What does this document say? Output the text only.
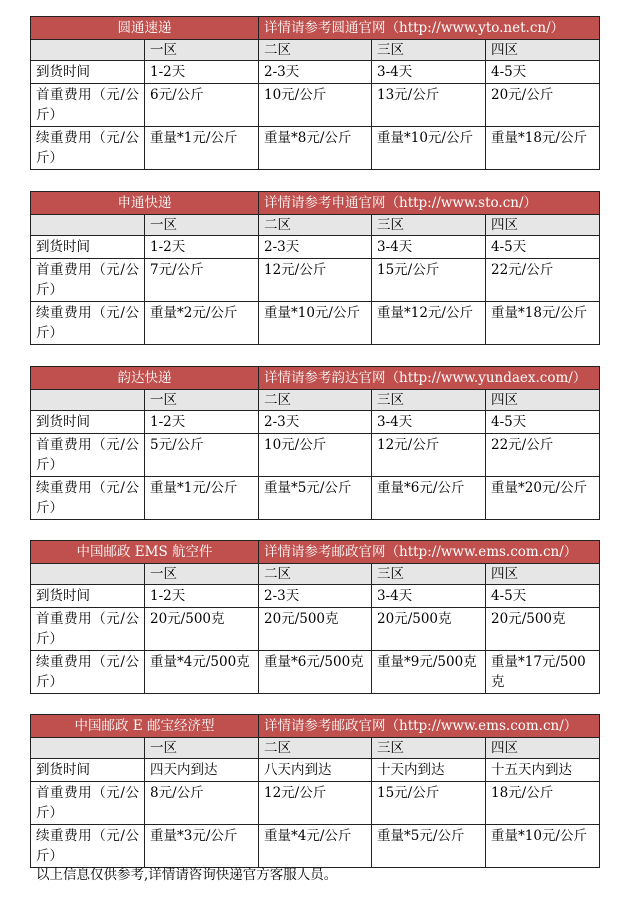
圆通速递		详情请参考圆通官网（http://www.yto.net.cn/）		
	一区	二区	三区	四区
到货时间	1-2天	2-3天	3-4天	4-5天
首重费用（元/公斤）	6元/公斤	10元/公斤	13元/公斤	20元/公斤
续重费用（元/公斤）	重量*1元/公斤	重量*8元/公斤	重量*10元/公斤	重量*18元/公斤
申通快递		详情请参考申通官网（http://www.sto.cn/）		
	一区	二区	三区	四区
到货时间	1-2天	2-3天	3-4天	4-5天
首重费用（元/公斤）	7元/公斤	12元/公斤	15元/公斤	22元/公斤
续重费用（元/公斤）	重量*2元/公斤	重量*10元/公斤	重量*12元/公斤	重量*18元/公斤
韵达快递		详情请参考韵达官网（http://www.yundaex.com/）		
	一区	二区	三区	四区
到货时间	1-2天	2-3天	3-4天	4-5天
首重费用（元/公斤）	5元/公斤	10元/公斤	12元/公斤	22元/公斤
续重费用（元/公斤）	重量*1元/公斤	重量*5元/公斤	重量*6元/公斤	重量*20元/公斤
中国邮政 EMS 航空件		详情请参考邮政官网（http://www.ems.com.cn/）		
	一区	二区	三区	四区
到货时间	1-2天	2-3天	3-4天	4-5天
首重费用（元/公斤）	20元/500克	20元/500克	20元/500克	20元/500克
续重费用（元/公斤）	重量*4元/500克	重量*6元/500克	重量*9元/500克	重量*17元/500克
中国邮政 E 邮宝经济型		详情请参考邮政官网（http://www.ems.com.cn/）		
	一区	二区	三区	四区
到货时间	四天内到达	八天内到达	十天内到达	十五天内到达
首重费用（元/公斤）	8元/公斤	12元/公斤	15元/公斤	18元/公斤
续重费用（元/公斤）	重量*3元/公斤	重量*4元/公斤	重量*5元/公斤	重量*10元/公斤
以上信息仅供参考,详情请咨询快递官方客服人员。
